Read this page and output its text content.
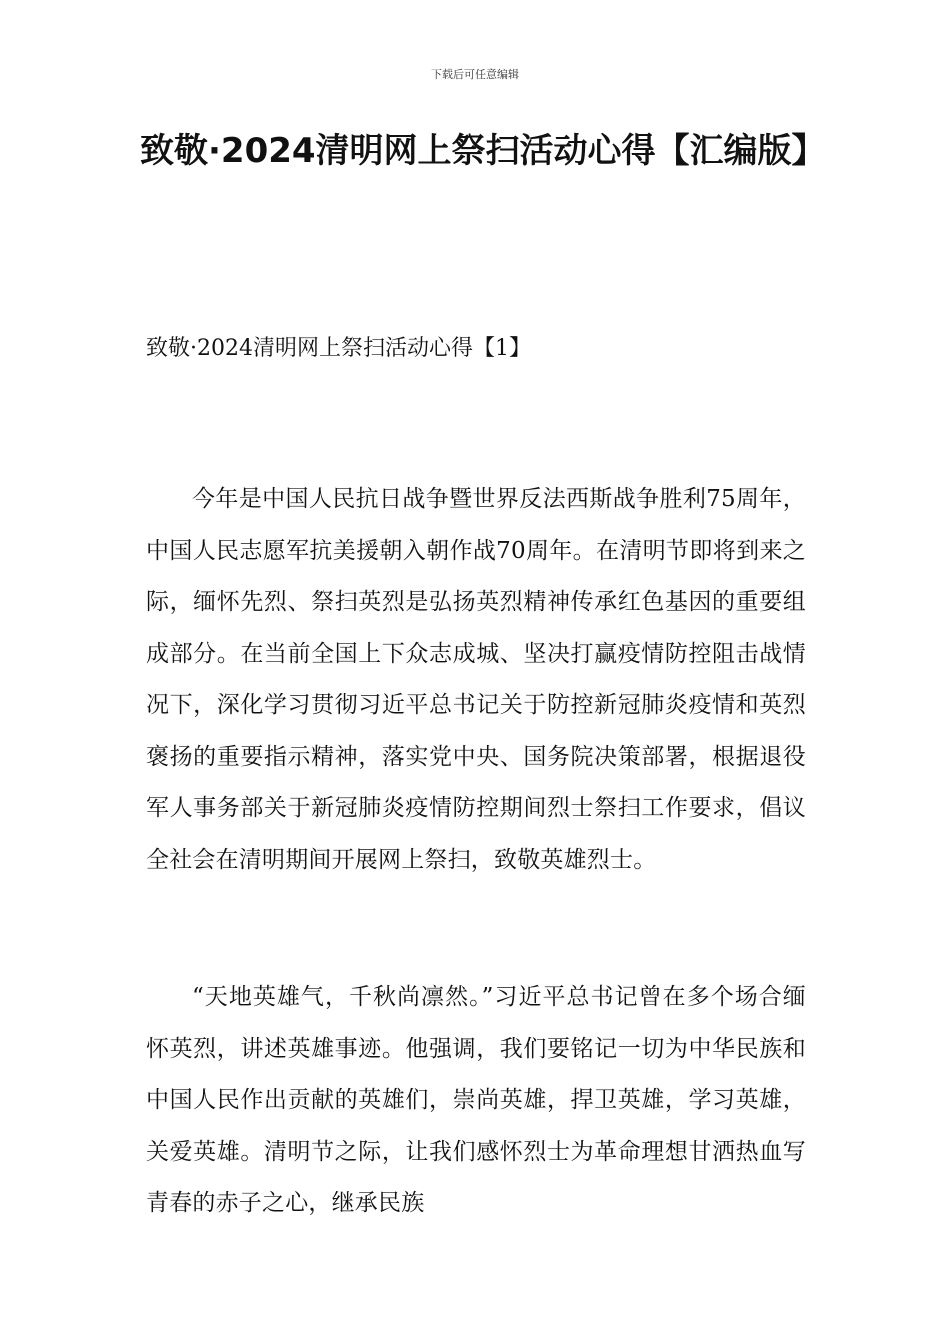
下载后可任意编辑
致敬·2024清明网上祭扫活动心得【汇编版】
致敬·2024清明网上祭扫活动心得【1】

今年是中国人民抗日战争暨世界反法西斯战争胜利75周年，中国人民志愿军抗美援朝入朝作战70周年。在清明节即将到来之际，缅怀先烈、祭扫英烈是弘扬英烈精神传承红色基因的重要组成部分。在当前全国上下众志成城、坚决打赢疫情防控阻击战情况下，深化学习贯彻习近平总书记关于防控新冠肺炎疫情和英烈褒扬的重要指示精神，落实党中央、国务院决策部署，根据退役军人事务部关于新冠肺炎疫情防控期间烈士祭扫工作要求，倡议全社会在清明期间开展网上祭扫，致敬英雄烈士。

“天地英雄气，千秋尚凛然。”习近平总书记曾在多个场合缅怀英烈，讲述英雄事迹。他强调，我们要铭记一切为中华民族和中国人民作出贡献的英雄们，崇尚英雄，捍卫英雄，学习英雄，关爱英雄。清明节之际，让我们感怀烈士为革命理想甘洒热血写青春的赤子之心，继承民族
